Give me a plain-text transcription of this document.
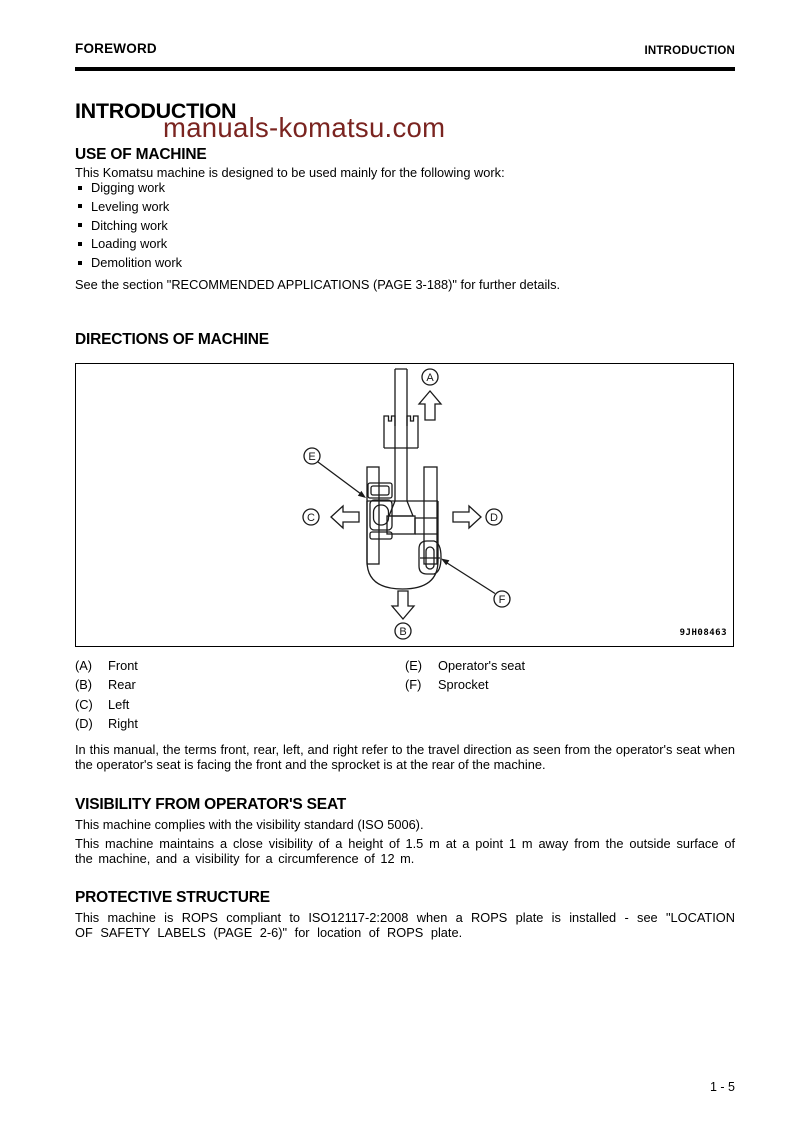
FOREWORD	INTRODUCTION
INTRODUCTION
manuals-komatsu.com
USE OF MACHINE

This Komatsu machine is designed to be used mainly for the following work:

Digging work
Leveling work
Ditching work
Loading work
Demolition work

See the section "RECOMMENDED APPLICATIONS (PAGE 3-188)" for further details.

DIRECTIONS OF MACHINE
A
B
C	D
E
F
9JH08463
(A) Front
(B) Rear
(C) Left
(D) Right
(E) Operator's seat
(F) Sprocket

In this manual, the terms front, rear, left, and right refer to the travel direction as seen from the operator's seat when the operator's seat is facing the front and the sprocket is at the rear of the machine.

VISIBILITY FROM OPERATOR'S SEAT

This machine complies with the visibility standard (ISO 5006).

This machine maintains a close visibility of a height of 1.5 m at a point 1 m away from the outside surface of the machine, and a visibility for a circumference of 12 m.

PROTECTIVE STRUCTURE

This machine is ROPS compliant to ISO12117-2:2008 when a ROPS plate is installed - see "LOCATION OF SAFETY LABELS (PAGE 2-6)" for location of ROPS plate.

1 - 5
